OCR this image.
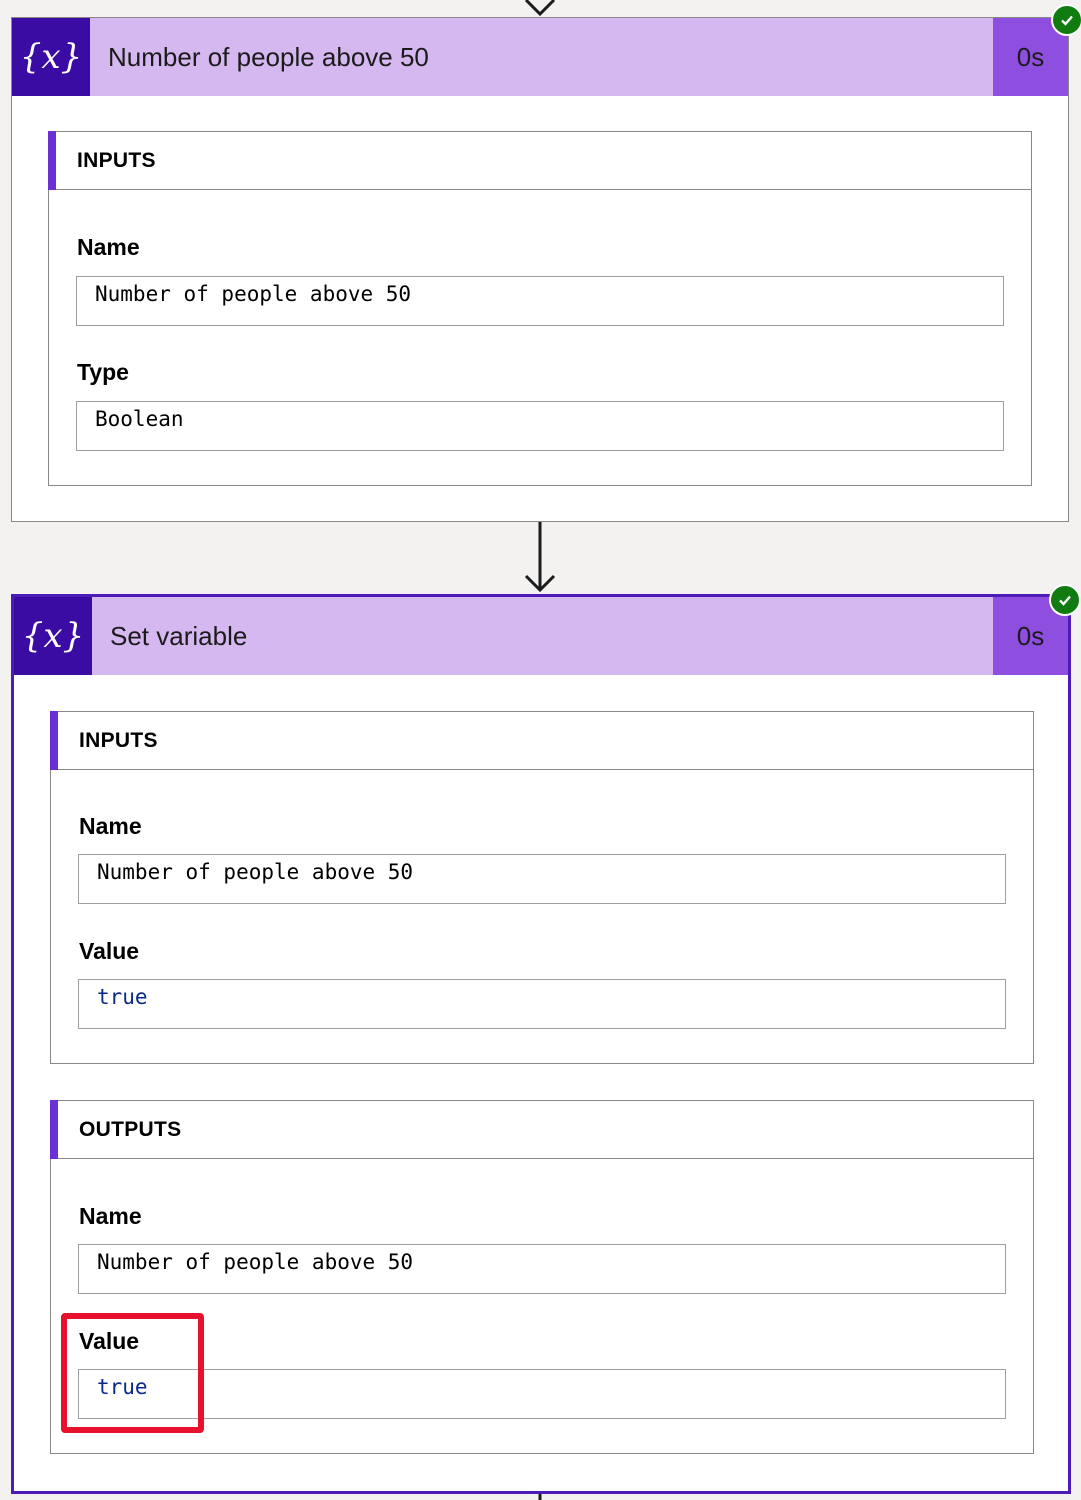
{x} Number of people above 50	0s
INPUTS
Name
Number of people above 50
Type
Boolean
{x} Set variable	0s
INPUTS
Name
Number of people above 50
Value
true
OUTPUTS
Name
Number of people above 50
Value
true
